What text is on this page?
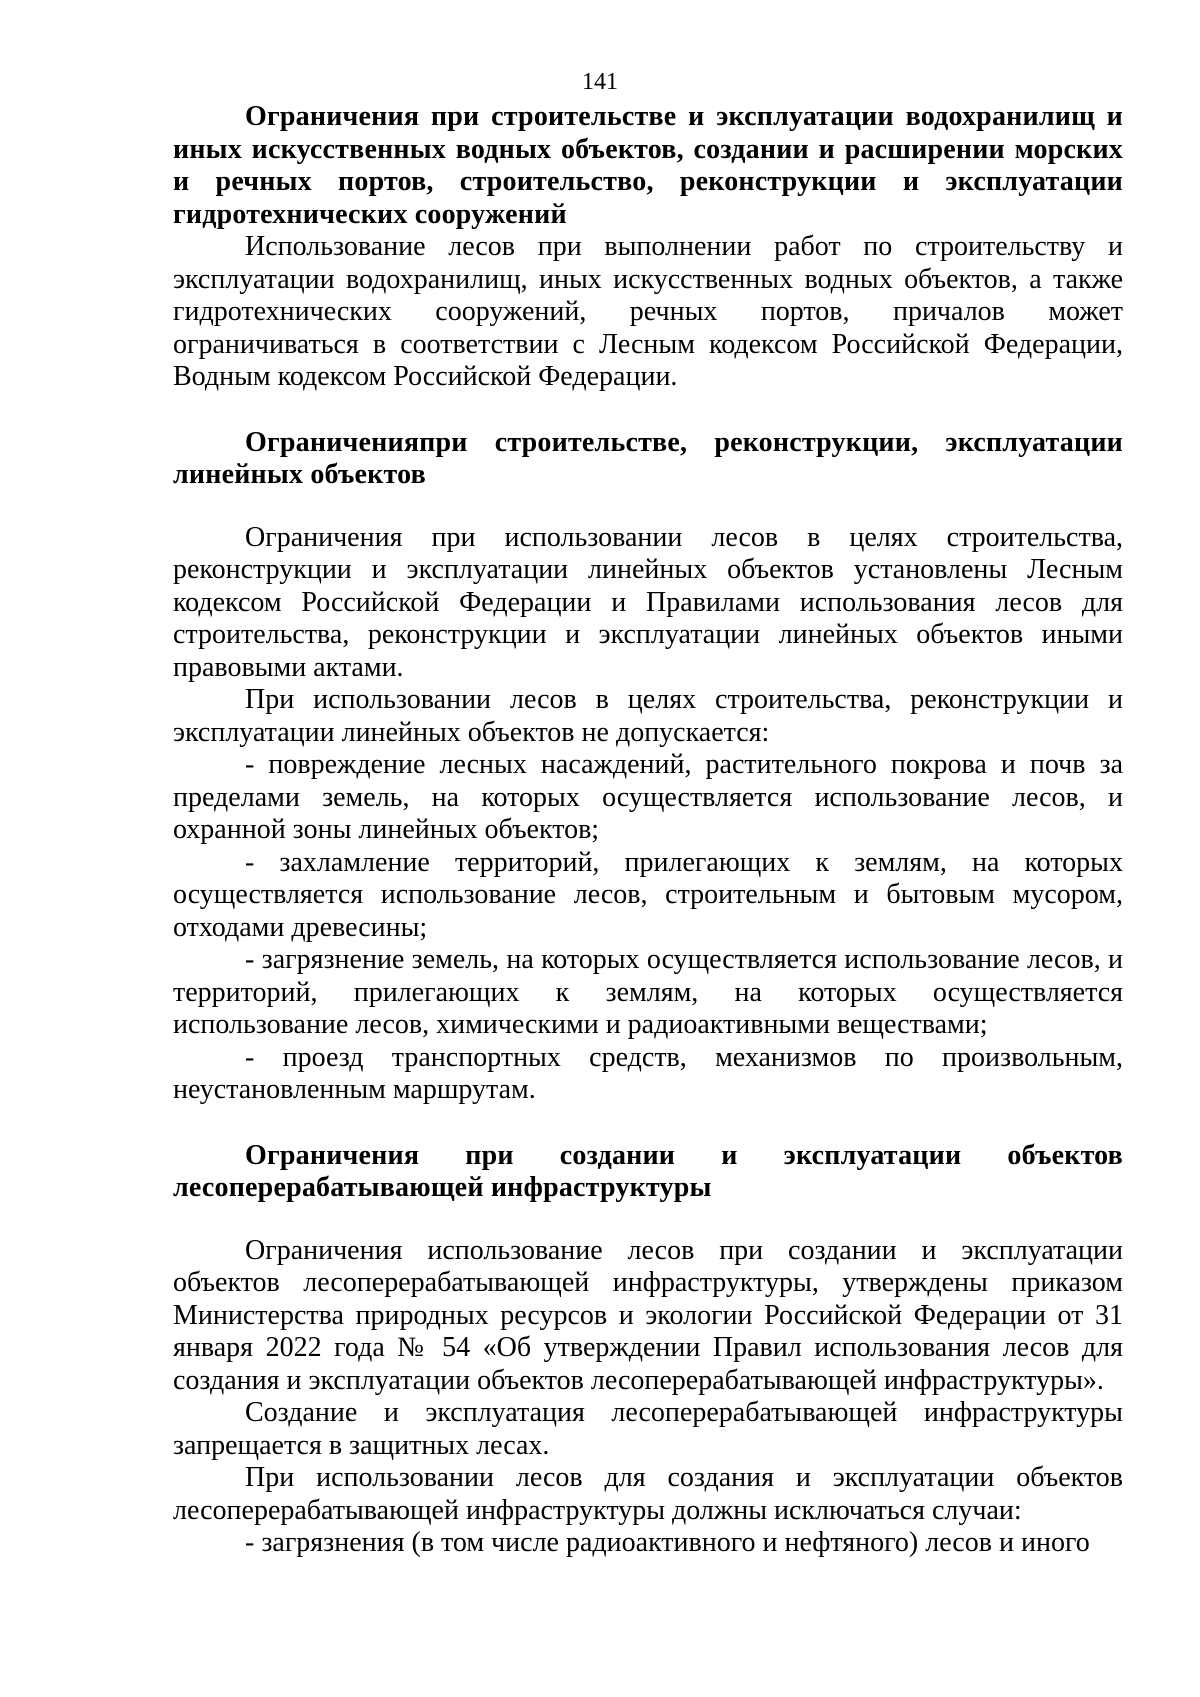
141
Ограничения при строительстве и эксплуатации водохранилищ и иных искусственных водных объектов, создании и расширении морских и речных портов, строительство, реконструкции и эксплуатации гидротехнических сооружений

Использование лесов при выполнении работ по строительству и эксплуатации водохранилищ, иных искусственных водных объектов, а также гидротехнических сооружений, речных портов, причалов может ограничиваться в соответствии с Лесным кодексом Российской Федерации, Водным кодексом Российской Федерации.

Ограниченияпри строительстве, реконструкции, эксплуатации линейных объектов

Ограничения при использовании лесов в целях строительства, реконструкции и эксплуатации линейных объектов установлены Лесным кодексом Российской Федерации и Правилами использования лесов для строительства, реконструкции и эксплуатации линейных объектов иными правовыми актами.

При использовании лесов в целях строительства, реконструкции и эксплуатации линейных объектов не допускается:

- повреждение лесных насаждений, растительного покрова и почв за пределами земель, на которых осуществляется использование лесов, и охранной зоны линейных объектов;

- захламление территорий, прилегающих к землям, на которых осуществляется использование лесов, строительным и бытовым мусором, отходами древесины;

- загрязнение земель, на которых осуществляется использование лесов, и территорий, прилегающих к землям, на которых осуществляется использование лесов, химическими и радиоактивными веществами;

- проезд транспортных средств, механизмов по произвольным, неустановленным маршрутам.

Ограничения при создании и эксплуатации объектов лесоперерабатывающей инфраструктуры

Ограничения использование лесов при создании и эксплуатации объектов лесоперерабатывающей инфраструктуры, утверждены приказом Министерства природных ресурсов и экологии Российской Федерации от 31 января 2022 года № 54 «Об утверждении Правил использования лесов для создания и эксплуатации объектов лесоперерабатывающей инфраструктуры».

Создание и эксплуатация лесоперерабатывающей инфраструктуры запрещается в защитных лесах.

При использовании лесов для создания и эксплуатации объектов лесоперерабатывающей инфраструктуры должны исключаться случаи:

- загрязнения (в том числе радиоактивного и нефтяного) лесов и иного
